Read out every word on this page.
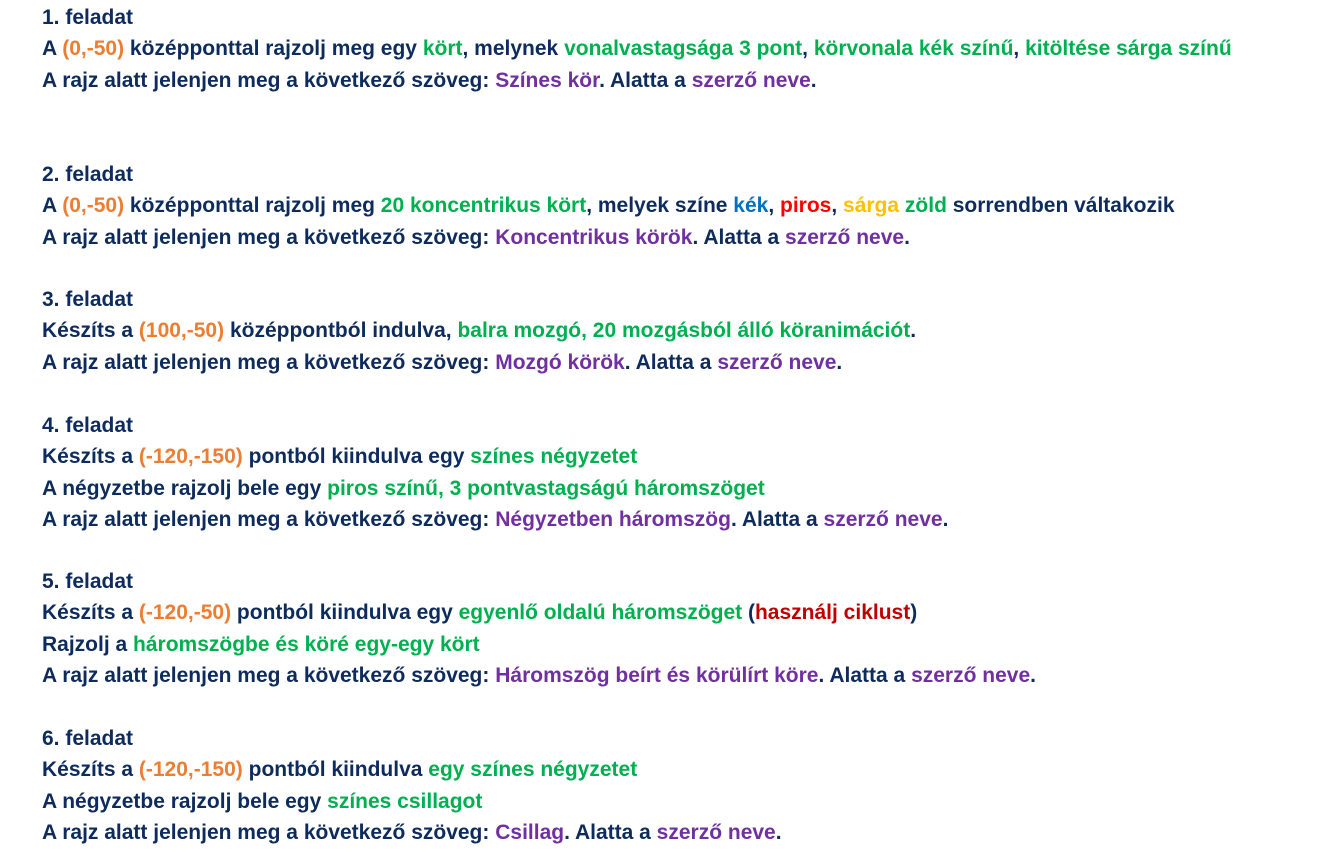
1. feladat
A (0,-50) középponttal rajzolj meg egy kört, melynek vonalvastagsága 3 pont, körvonala kék színű, kitöltése sárga színű
A rajz alatt jelenjen meg a következő szöveg: Színes kör. Alatta a szerző neve.
2. feladat
A (0,-50) középponttal rajzolj meg 20 koncentrikus kört, melyek színe kék, piros, sárga zöld sorrendben váltakozik
A rajz alatt jelenjen meg a következő szöveg: Koncentrikus körök. Alatta a szerző neve.
3. feladat
Készíts a (100,-50) középpontból indulva, balra mozgó, 20 mozgásból álló köranimációt.
A rajz alatt jelenjen meg a következő szöveg: Mozgó körök. Alatta a szerző neve.
4. feladat
Készíts a (-120,-150) pontból kiindulva egy színes négyzetet
A négyzetbe rajzolj bele egy piros színű, 3 pontvastagságú háromszöget
A rajz alatt jelenjen meg a következő szöveg: Négyzetben háromszög. Alatta a szerző neve.
5. feladat
Készíts a (-120,-50) pontból kiindulva egy egyenlő oldalú háromszöget (használj ciklust)
Rajzolj a háromszögbe és köré egy-egy kört
A rajz alatt jelenjen meg a következő szöveg: Háromszög beírt és körülírt köre. Alatta a szerző neve.
6. feladat
Készíts a (-120,-150) pontból kiindulva egy színes négyzetet
A négyzetbe rajzolj bele egy színes csillagot
A rajz alatt jelenjen meg a következő szöveg: Csillag. Alatta a szerző neve.
